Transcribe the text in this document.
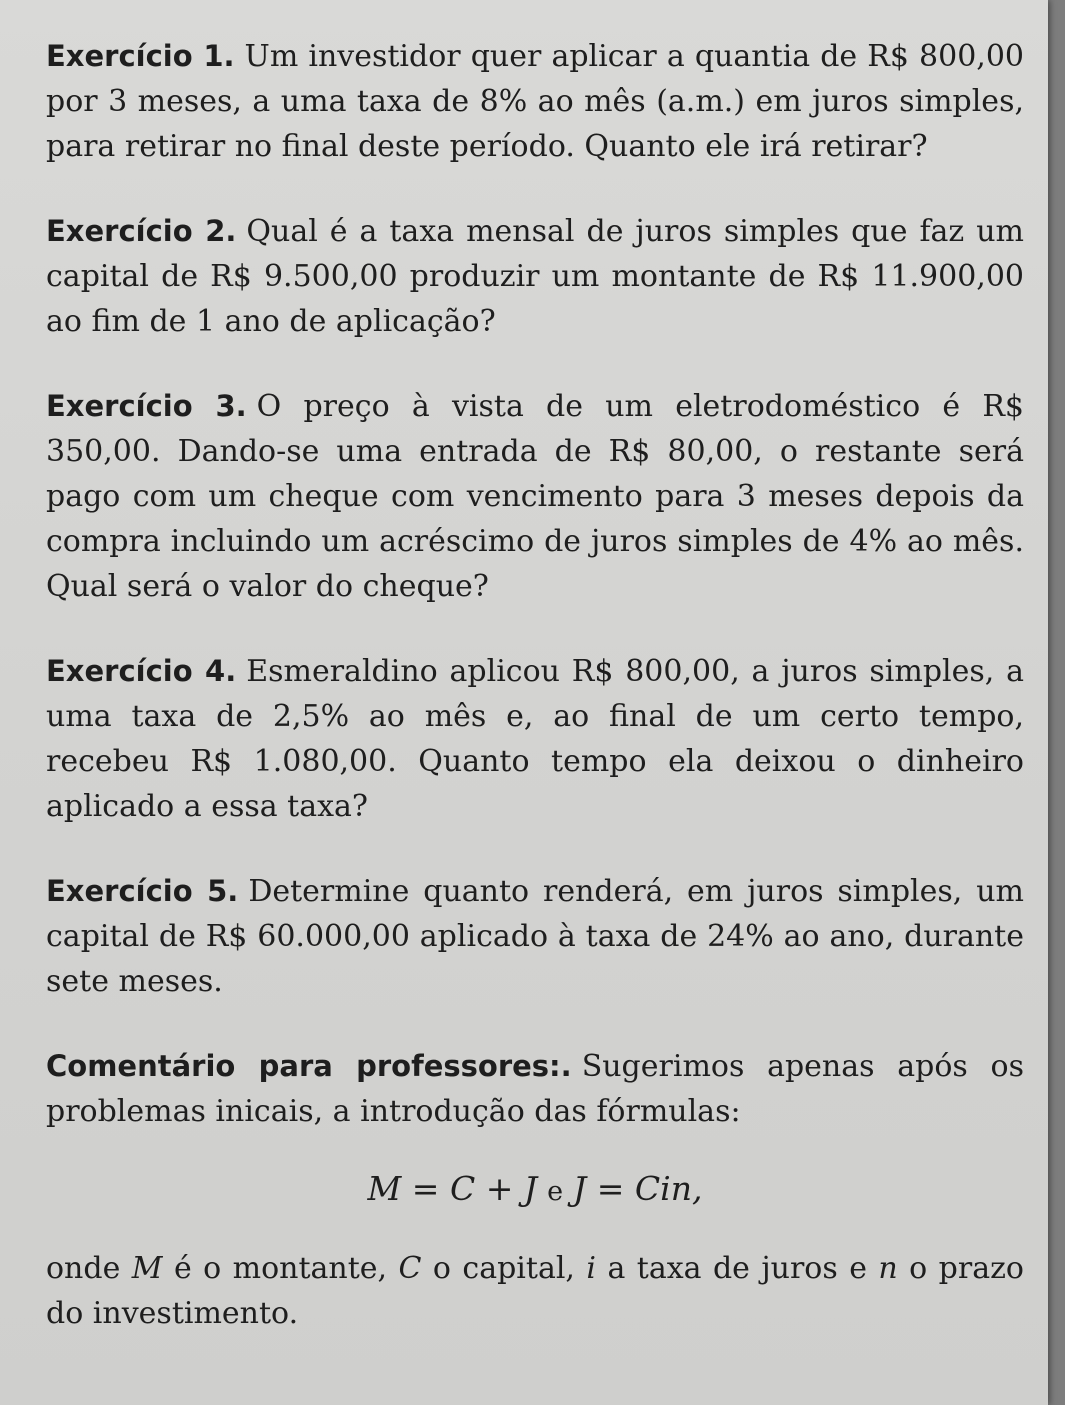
Exercício 1. Um investidor quer aplicar a quantia de R$ 800,00 por 3 meses, a uma taxa de 8% ao mês (a.m.) em juros simples, para retirar no final deste período. Quanto ele irá retirar?

Exercício 2. Qual é a taxa mensal de juros simples que faz um capital de R$ 9.500,00 produzir um montante de R$ 11.900,00 ao fim de 1 ano de aplicação?

Exercício 3. O preço à vista de um eletrodoméstico é R$ 350,00. Dando-se uma entrada de R$ 80,00, o restante será pago com um cheque com vencimento para 3 meses depois da compra incluindo um acréscimo de juros simples de 4% ao mês. Qual será o valor do cheque?

Exercício 4. Esmeraldino aplicou R$ 800,00, a juros simples, a uma taxa de 2,5% ao mês e, ao final de um certo tempo, recebeu R$ 1.080,00. Quanto tempo ela deixou o dinheiro aplicado a essa taxa?

Exercício 5. Determine quanto renderá, em juros simples, um capital de R$ 60.000,00 aplicado à taxa de 24% ao ano, durante sete meses.

Comentário para professores:. Sugerimos apenas após os problemas inicais, a introdução das fórmulas:

M = C + J e J = Cin,

onde M é o montante, C o capital, i a taxa de juros e n o prazo do investimento.
